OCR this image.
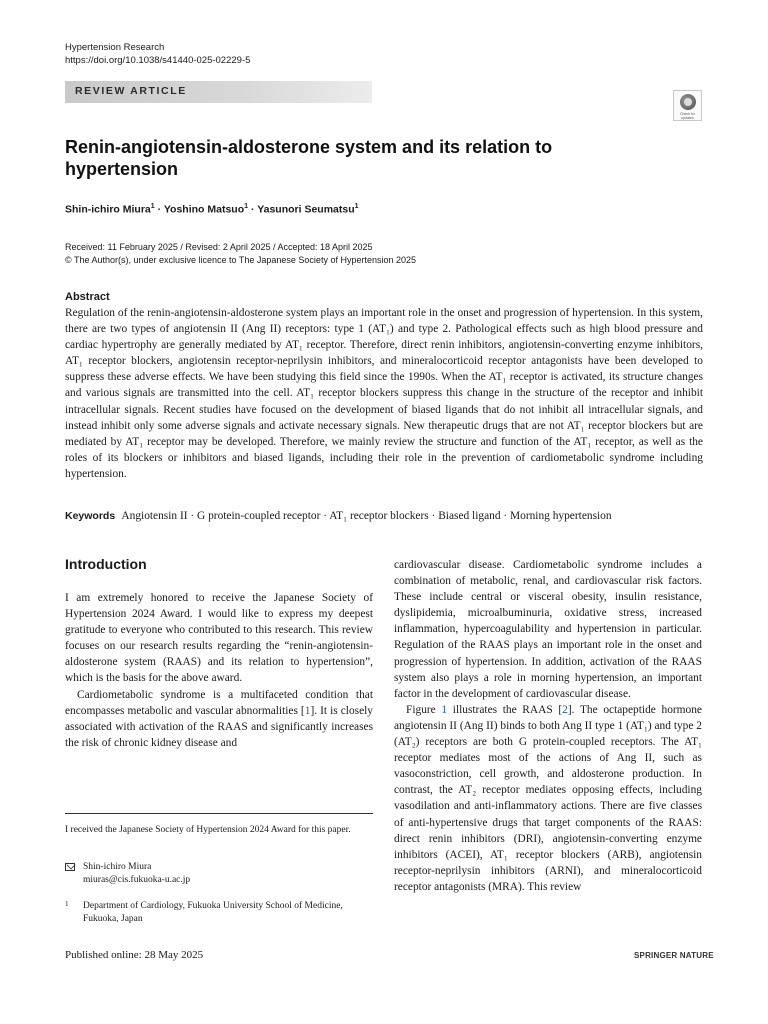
Hypertension Research
https://doi.org/10.1038/s41440-025-02229-5
REVIEW ARTICLE
Check for updates
Renin-angiotensin-aldosterone system and its relation to hypertension
Shin-ichiro Miura$^1$ · Yoshino Matsuo$^1$ · Yasunori Seumatsu$^1$
Received: 11 February 2025 / Revised: 2 April 2025 / Accepted: 18 April 2025
© The Author(s), under exclusive licence to The Japanese Society of Hypertension 2025
Abstract
Regulation of the renin-angiotensin-aldosterone system plays an important role in the onset and progression of hypertension. In this system, there are two types of angiotensin II (Ang II) receptors: type 1 (AT₁) and type 2. Pathological effects such as high blood pressure and cardiac hypertrophy are generally mediated by AT₁ receptor. Therefore, direct renin inhibitors, angiotensin-converting enzyme inhibitors, AT₁ receptor blockers, angiotensin receptor-neprilysin inhibitors, and mineralocorticoid receptor antagonists have been developed to suppress these adverse effects. We have been studying this field since the 1990s. When the AT₁ receptor is activated, its structure changes and various signals are transmitted into the cell. AT₁ receptor blockers suppress this change in the structure of the receptor and inhibit intracellular signals. Recent studies have focused on the development of biased ligands that do not inhibit all intracellular signals, and instead inhibit only some adverse signals and activate necessary signals. New therapeutic drugs that are not AT₁ receptor blockers but are mediated by AT₁ receptor may be developed. Therefore, we mainly review the structure and function of the AT₁ receptor, as well as the roles of its blockers or inhibitors and biased ligands, including their role in the prevention of cardiometabolic syndrome including hypertension.
Keywords Angiotensin II · G protein-coupled receptor · AT₁ receptor blockers · Biased ligand · Morning hypertension
Introduction

I am extremely honored to receive the Japanese Society of Hypertension 2024 Award. I would like to express my deepest gratitude to everyone who contributed to this research. This review focuses on our research results regarding the “renin-angiotensin-aldosterone system (RAAS) and its relation to hypertension”, which is the basis for the above award.

Cardiometabolic syndrome is a multifaceted condition that encompasses metabolic and vascular abnormalities [1]. It is closely associated with activation of the RAAS and significantly increases the risk of chronic kidney disease and

cardiovascular disease. Cardiometabolic syndrome includes a combination of metabolic, renal, and cardiovascular risk factors. These include central or visceral obesity, insulin resistance, dyslipidemia, microalbuminuria, oxidative stress, increased inflammation, hypercoagulability and hypertension in particular. Regulation of the RAAS plays an important role in the onset and progression of hypertension. In addition, activation of the RAAS system also plays a role in morning hypertension, an important factor in the development of cardiovascular disease.

Figure 1 illustrates the RAAS [2]. The octapeptide hormone angiotensin II (Ang II) binds to both Ang II type 1 (AT₁) and type 2 (AT₂) receptors are both G protein-coupled receptors. The AT₁ receptor mediates most of the actions of Ang II, such as vasoconstriction, cell growth, and aldosterone production. In contrast, the AT₂ receptor mediates opposing effects, including vasodilation and anti-inflammatory actions. There are five classes of anti-hypertensive drugs that target components of the RAAS: direct renin inhibitors (DRI), angiotensin-converting enzyme inhibitors (ACEI), AT₁ receptor blockers (ARB), angiotensin receptor-neprilysin inhibitors (ARNI), and mineralocorticoid receptor antagonists (MRA). This review

I received the Japanese Society of Hypertension 2024 Award for this paper.
Shin-ichiro Miura
miuras@cis.fukuoka-u.ac.jp
1 Department of Cardiology, Fukuoka University School of Medicine, Fukuoka, Japan
Published online: 28 May 2025	SPRINGER NATURE
